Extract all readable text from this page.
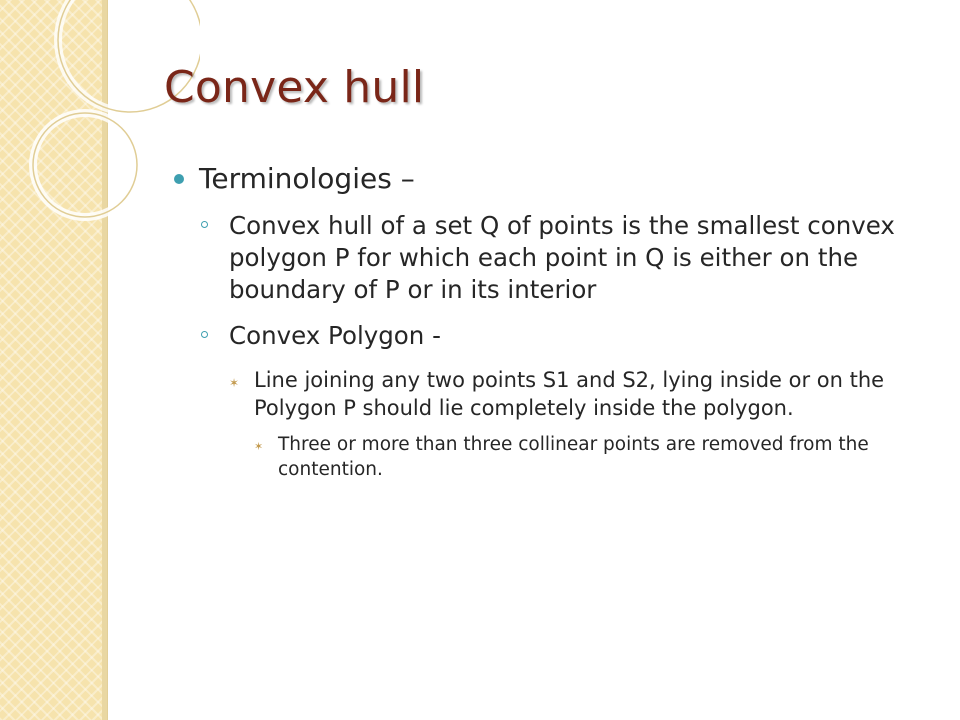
Convex hull
Terminologies –
Convex hull of a set Q of points is the smallest convex polygon P for which each point in Q is either on the boundary of P or in its interior
Convex Polygon -
✶ Line joining any two points S1 and S2, lying inside or on the Polygon P should lie completely inside the polygon.
✶ Three or more than three collinear points are removed from the contention.
